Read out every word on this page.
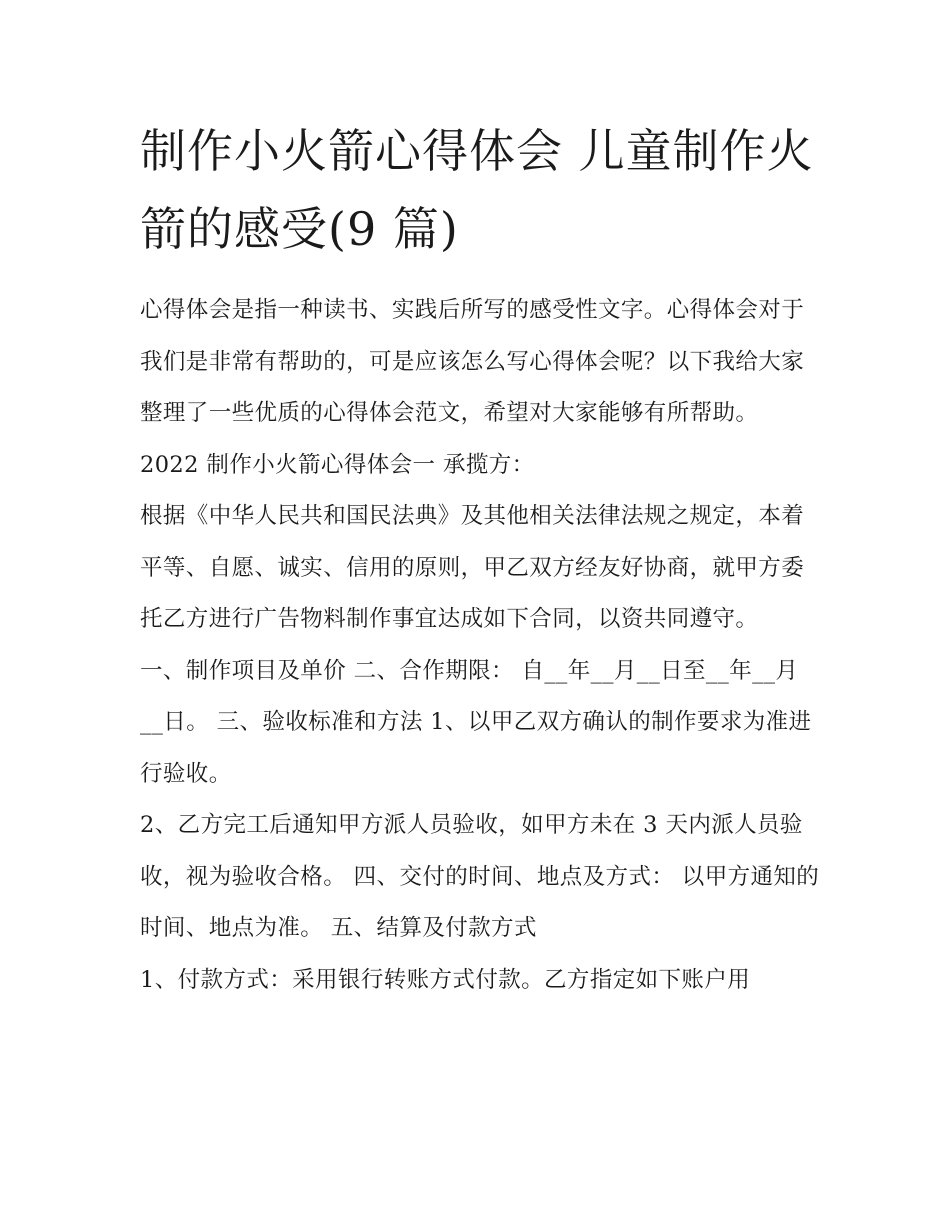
制作小火箭心得体会 儿童制作火箭的感受(9 篇)

心得体会是指一种读书、实践后所写的感受性文字。心得体会对于我们是非常有帮助的，可是应该怎么写心得体会呢？以下我给大家整理了一些优质的心得体会范文，希望对大家能够有所帮助。

2022 制作小火箭心得体会一 承揽方：

根据《中华人民共和国民法典》及其他相关法律法规之规定，本着平等、自愿、诚实、信用的原则，甲乙双方经友好协商，就甲方委托乙方进行广告物料制作事宜达成如下合同，以资共同遵守。

一、制作项目及单价 二、合作期限： 自__年__月__日至__年__月__日。 三、验收标准和方法 1、以甲乙双方确认的制作要求为准进行验收。

2、乙方完工后通知甲方派人员验收，如甲方未在 3 天内派人员验收，视为验收合格。 四、交付的时间、地点及方式： 以甲方通知的时间、地点为准。 五、结算及付款方式

1、付款方式：采用银行转账方式付款。乙方指定如下账户用
